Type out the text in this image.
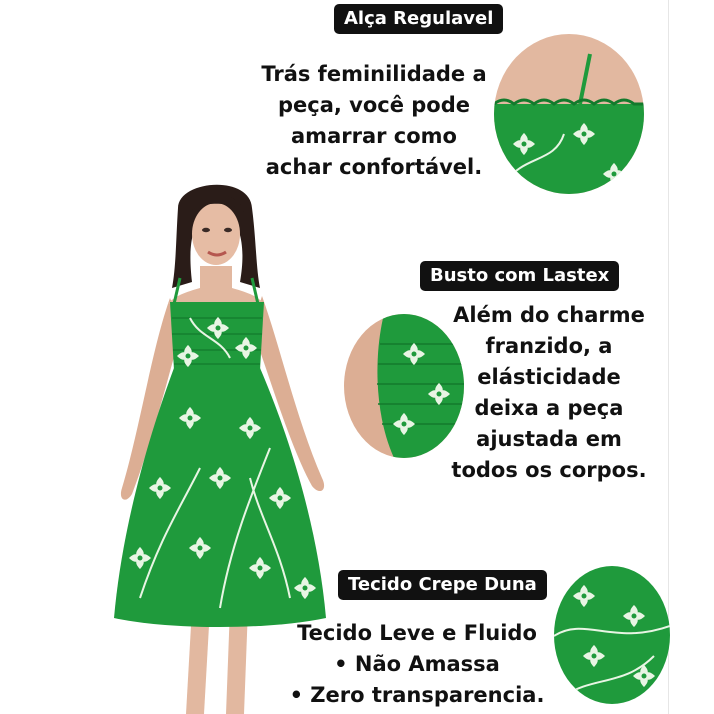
Alça Regulavel
Trás feminilidade a
peça, você pode
amarrar como
achar confortável.
Busto com Lastex
Além do charme
franzido, a
elásticidade
deixa a peça
ajustada em
todos os corpos.
Tecido Crepe Duna
Tecido Leve e Fluido
• Não Amassa
• Zero transparencia.
